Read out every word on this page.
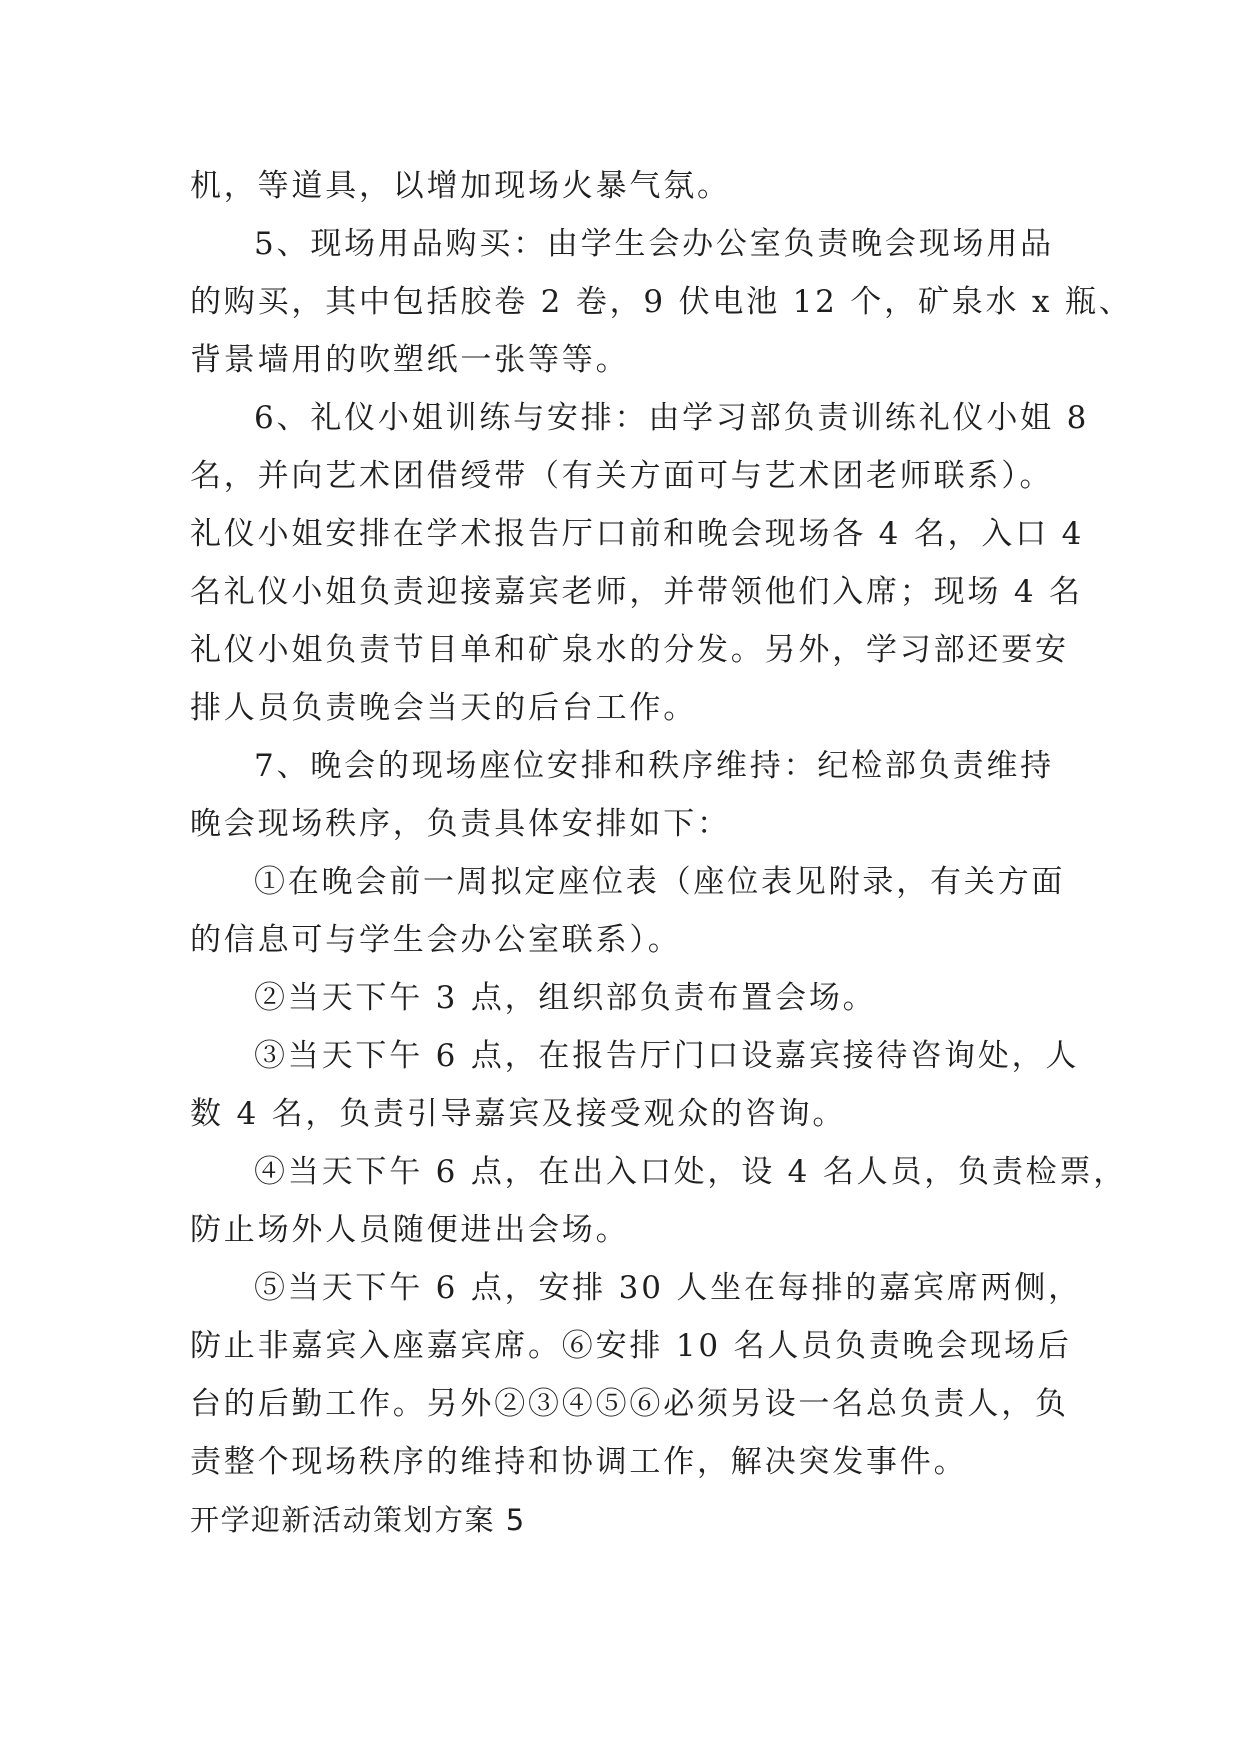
机，等道具，以增加现场火暴气氛。
5、现场用品购买：由学生会办公室负责晚会现场用品
的购买，其中包括胶卷 2 卷，9 伏电池 12 个，矿泉水 x 瓶、
背景墙用的吹塑纸一张等等。
6、礼仪小姐训练与安排：由学习部负责训练礼仪小姐 8
名，并向艺术团借绶带（有关方面可与艺术团老师联系）。
礼仪小姐安排在学术报告厅口前和晚会现场各 4 名，入口 4
名礼仪小姐负责迎接嘉宾老师，并带领他们入席；现场 4 名
礼仪小姐负责节目单和矿泉水的分发。另外，学习部还要安
排人员负责晚会当天的后台工作。
7、晚会的现场座位安排和秩序维持：纪检部负责维持
晚会现场秩序，负责具体安排如下：
①在晚会前一周拟定座位表（座位表见附录，有关方面
的信息可与学生会办公室联系）。
②当天下午 3 点，组织部负责布置会场。
③当天下午 6 点，在报告厅门口设嘉宾接待咨询处，人
数 4 名，负责引导嘉宾及接受观众的咨询。
④当天下午 6 点，在出入口处，设 4 名人员，负责检票，
防止场外人员随便进出会场。
⑤当天下午 6 点，安排 30 人坐在每排的嘉宾席两侧，
防止非嘉宾入座嘉宾席。⑥安排 10 名人员负责晚会现场后
台的后勤工作。另外②③④⑤⑥必须另设一名总负责人，负
责整个现场秩序的维持和协调工作，解决突发事件。
开学迎新活动策划方案 5
